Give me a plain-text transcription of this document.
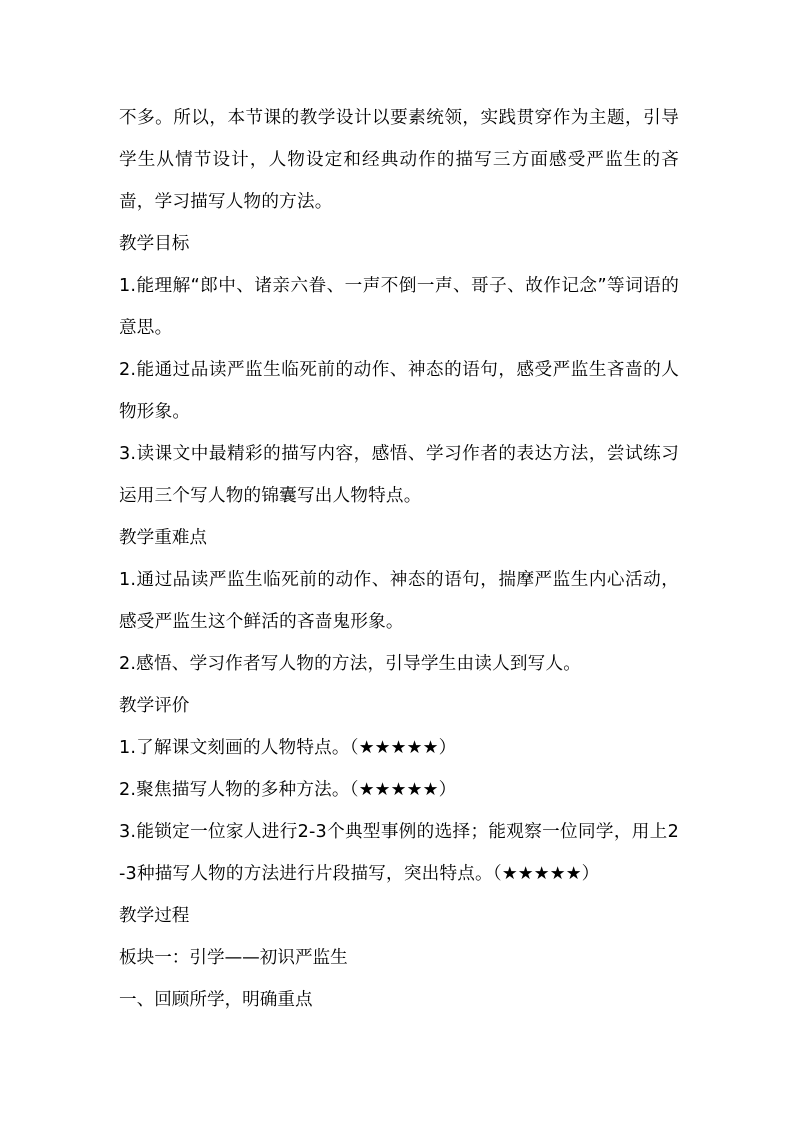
不多。所以，本节课的教学设计以要素统领，实践贯穿作为主题，引导学生从情节设计，人物设定和经典动作的描写三方面感受严监生的吝啬，学习描写人物的方法。

教学目标

1.能理解“郎中、诸亲六眷、一声不倒一声、哥子、故作记念”等词语的意思。

2.能通过品读严监生临死前的动作、神态的语句，感受严监生吝啬的人物形象。

3.读课文中最精彩的描写内容，感悟、学习作者的表达方法，尝试练习运用三个写人物的锦囊写出人物特点。

教学重难点

1.通过品读严监生临死前的动作、神态的语句，揣摩严监生内心活动，感受严监生这个鲜活的吝啬鬼形象。

2.感悟、学习作者写人物的方法，引导学生由读人到写人。

教学评价

1.了解课文刻画的人物特点。（★★★★★）

2.聚焦描写人物的多种方法。（★★★★★）

3.能锁定一位家人进行2-3个典型事例的选择；能观察一位同学，用上2-3种描写人物的方法进行片段描写，突出特点。（★★★★★）

教学过程

板块一：引学——初识严监生

一、回顾所学，明确重点
